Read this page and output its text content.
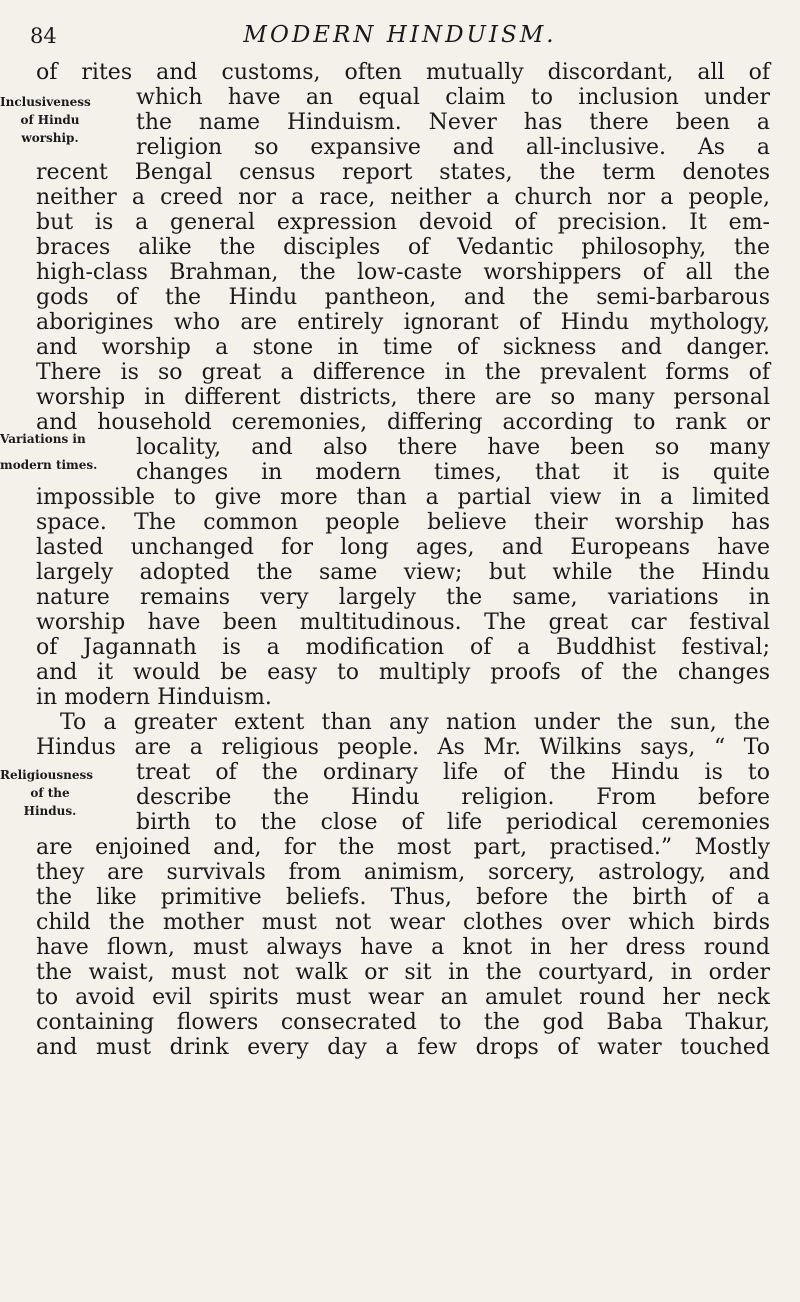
84	MODERN HINDUISM.
Inclusiveness
of Hindu
worship.
Variations in
modern times.
Religiousness
of the
Hindus.
of rites and customs, often mutually discordant, all of
which have an equal claim to inclusion under
the name Hinduism. Never has there been a
religion so expansive and all-inclusive. As a
recent Bengal census report states, the term denotes
neither a creed nor a race, neither a church nor a people,
but is a general expression devoid of precision. It em-
braces alike the disciples of Vedantic philosophy, the
high-class Brahman, the low-caste worshippers of all the
gods of the Hindu pantheon, and the semi-barbarous
aborigines who are entirely ignorant of Hindu mythology,
and worship a stone in time of sickness and danger.
There is so great a difference in the prevalent forms of
worship in different districts, there are so many personal
and household ceremonies, differing according to rank or
locality, and also there have been so many
changes in modern times, that it is quite
impossible to give more than a partial view in a limited
space. The common people believe their worship has
lasted unchanged for long ages, and Europeans have
largely adopted the same view; but while the Hindu
nature remains very largely the same, variations in
worship have been multitudinous. The great car festival
of Jagannath is a modification of a Buddhist festival;
and it would be easy to multiply proofs of the changes
in modern Hinduism.
To a greater extent than any nation under the sun, the
Hindus are a religious people. As Mr. Wilkins says, “ To
treat of the ordinary life of the Hindu is to
describe the Hindu religion. From before
birth to the close of life periodical ceremonies
are enjoined and, for the most part, practised.” Mostly
they are survivals from animism, sorcery, astrology, and
the like primitive beliefs. Thus, before the birth of a
child the mother must not wear clothes over which birds
have flown, must always have a knot in her dress round
the waist, must not walk or sit in the courtyard, in order
to avoid evil spirits must wear an amulet round her neck
containing flowers consecrated to the god Baba Thakur,
and must drink every day a few drops of water touched
